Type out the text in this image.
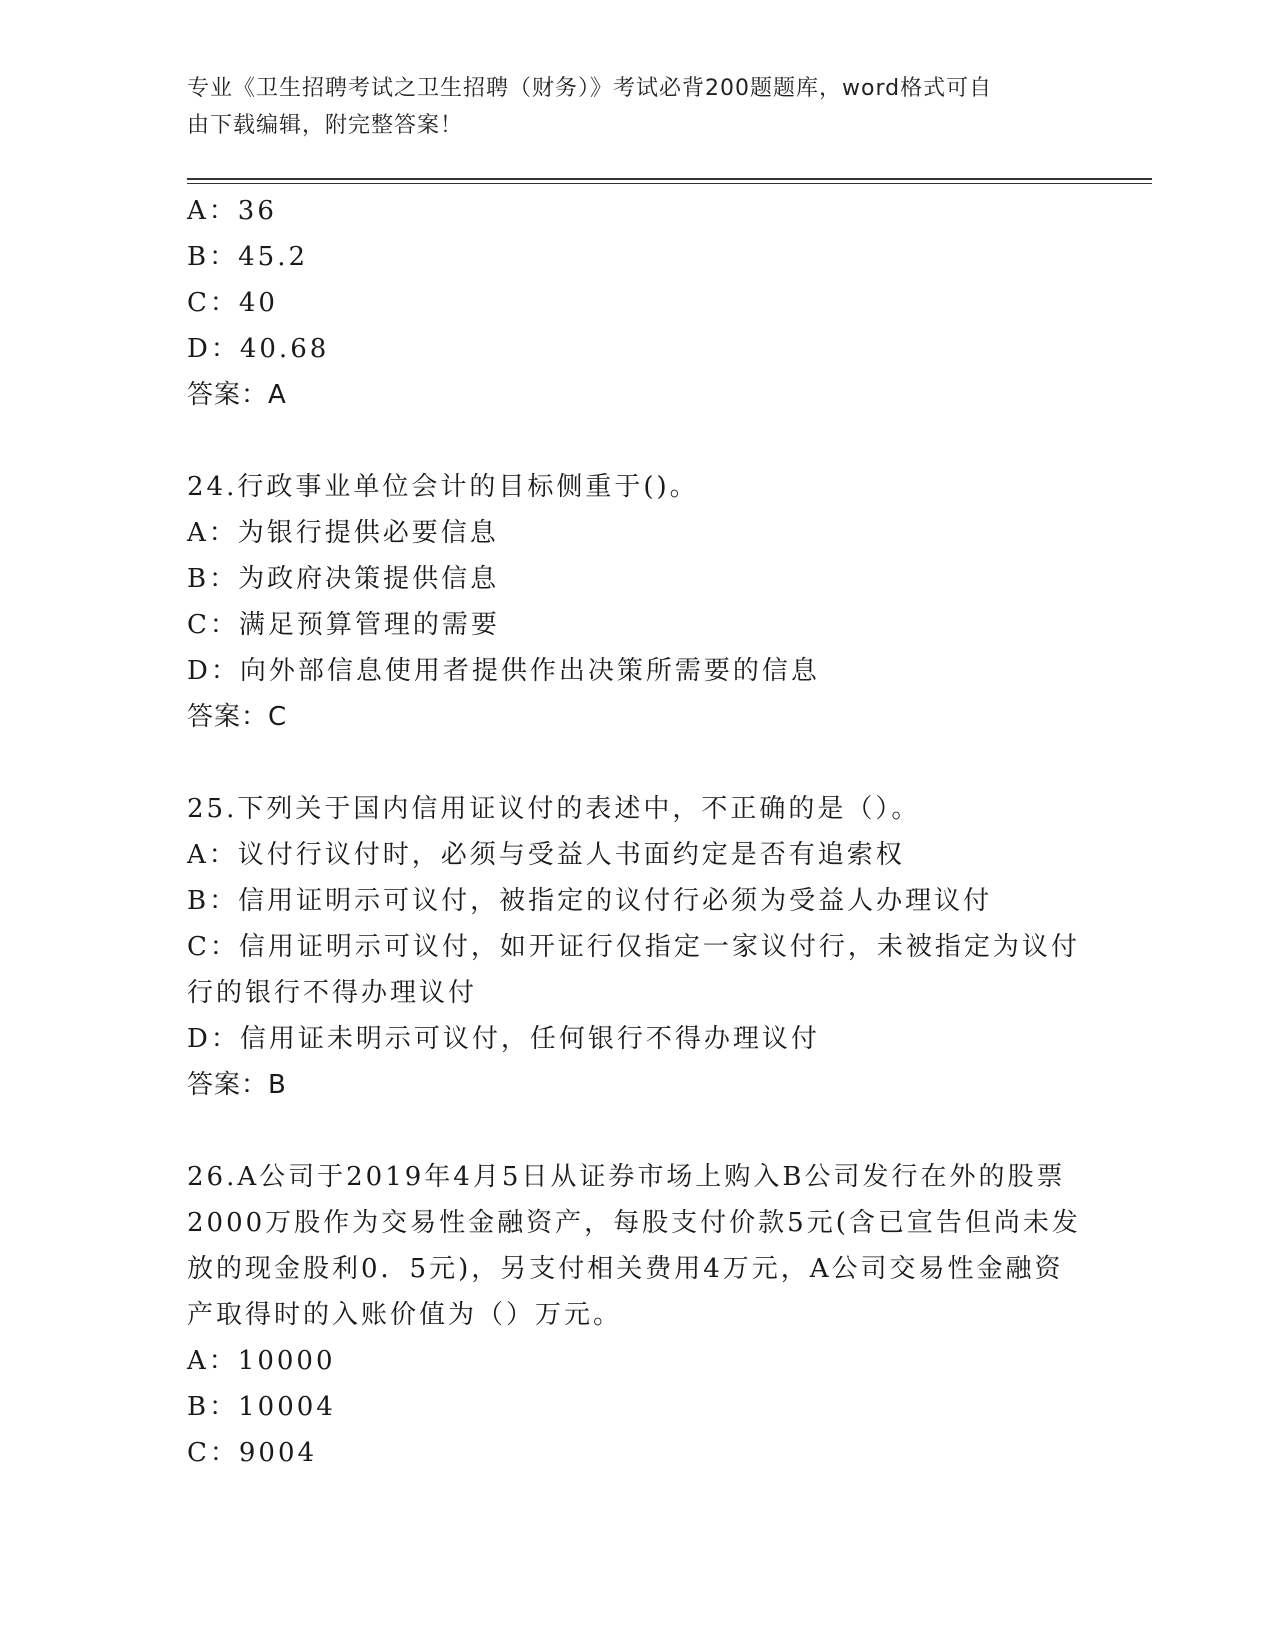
专业《卫生招聘考试之卫生招聘（财务）》考试必背200题题库，word格式可自
由下载编辑，附完整答案！
A：36
B：45.2
C：40
D：40.68
答案：A
24.行政事业单位会计的目标侧重于()。
A：为银行提供必要信息
B：为政府决策提供信息
C：满足预算管理的需要
D：向外部信息使用者提供作出决策所需要的信息
答案：C
25.下列关于国内信用证议付的表述中，不正确的是（）。
A：议付行议付时，必须与受益人书面约定是否有追索权
B：信用证明示可议付，被指定的议付行必须为受益人办理议付
C：信用证明示可议付，如开证行仅指定一家议付行，未被指定为议付
行的银行不得办理议付
D：信用证未明示可议付，任何银行不得办理议付
答案：B
26.A公司于2019年4月5日从证券市场上购入B公司发行在外的股票
2000万股作为交易性金融资产，每股支付价款5元(含已宣告但尚未发
放的现金股利0．5元)，另支付相关费用4万元，A公司交易性金融资
产取得时的入账价值为（）万元。
A：10000
B：10004
C：9004
